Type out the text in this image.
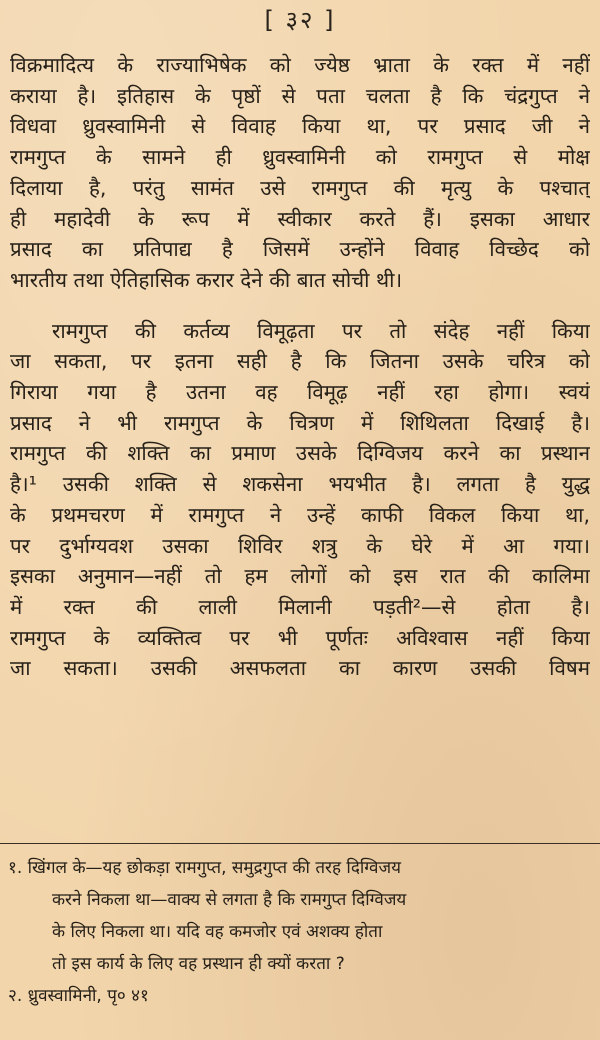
[ ३२ ]

विक्रमादित्य के राज्याभिषेक को ज्येष्ठ भ्राता के रक्त में नहीं
कराया है। इतिहास के पृष्ठों से पता चलता है कि चंद्रगुप्त ने
विधवा ध्रुवस्वामिनी से विवाह किया था, पर प्रसाद जी ने
रामगुप्त के सामने ही ध्रुवस्वामिनी को रामगुप्त से मोक्ष
दिलाया है, परंतु सामंत उसे रामगुप्त की मृत्यु के पश्चात्
ही महादेवी के रूप में स्वीकार करते हैं। इसका आधार
प्रसाद का प्रतिपाद्य है जिसमें उन्होंने विवाह विच्छेद को
भारतीय तथा ऐतिहासिक करार देने की बात सोची थी।

रामगुप्त की कर्तव्य विमूढ़ता पर तो संदेह नहीं किया
जा सकता, पर इतना सही है कि जितना उसके चरित्र को
गिराया गया है उतना वह विमूढ़ नहीं रहा होगा। स्वयं
प्रसाद ने भी रामगुप्त के चित्रण में शिथिलता दिखाई है।
रामगुप्त की शक्ति का प्रमाण उसके दिग्विजय करने का प्रस्थान
है।¹ उसकी शक्ति से शकसेना भयभीत है। लगता है युद्ध
के प्रथमचरण में रामगुप्त ने उन्हें काफी विकल किया था,
पर दुर्भाग्यवश उसका शिविर शत्रु के घेरे में आ गया।
इसका अनुमान—नहीं तो हम लोगों को इस रात की कालिमा
में रक्त की लाली मिलानी पड़ती²—से होता है।
रामगुप्त के व्यक्तित्व पर भी पूर्णतः अविश्वास नहीं किया
जा सकता। उसकी असफलता का कारण उसकी विषम

१. खिंगल के—यह छोकड़ा रामगुप्त, समुद्रगुप्त की तरह दिग्विजय
करने निकला था—वाक्य से लगता है कि रामगुप्त दिग्विजय
के लिए निकला था। यदि वह कमजोर एवं अशक्य होता
तो इस कार्य के लिए वह प्रस्थान ही क्यों करता ?
२. ध्रुवस्वामिनी, पृ० ४१
